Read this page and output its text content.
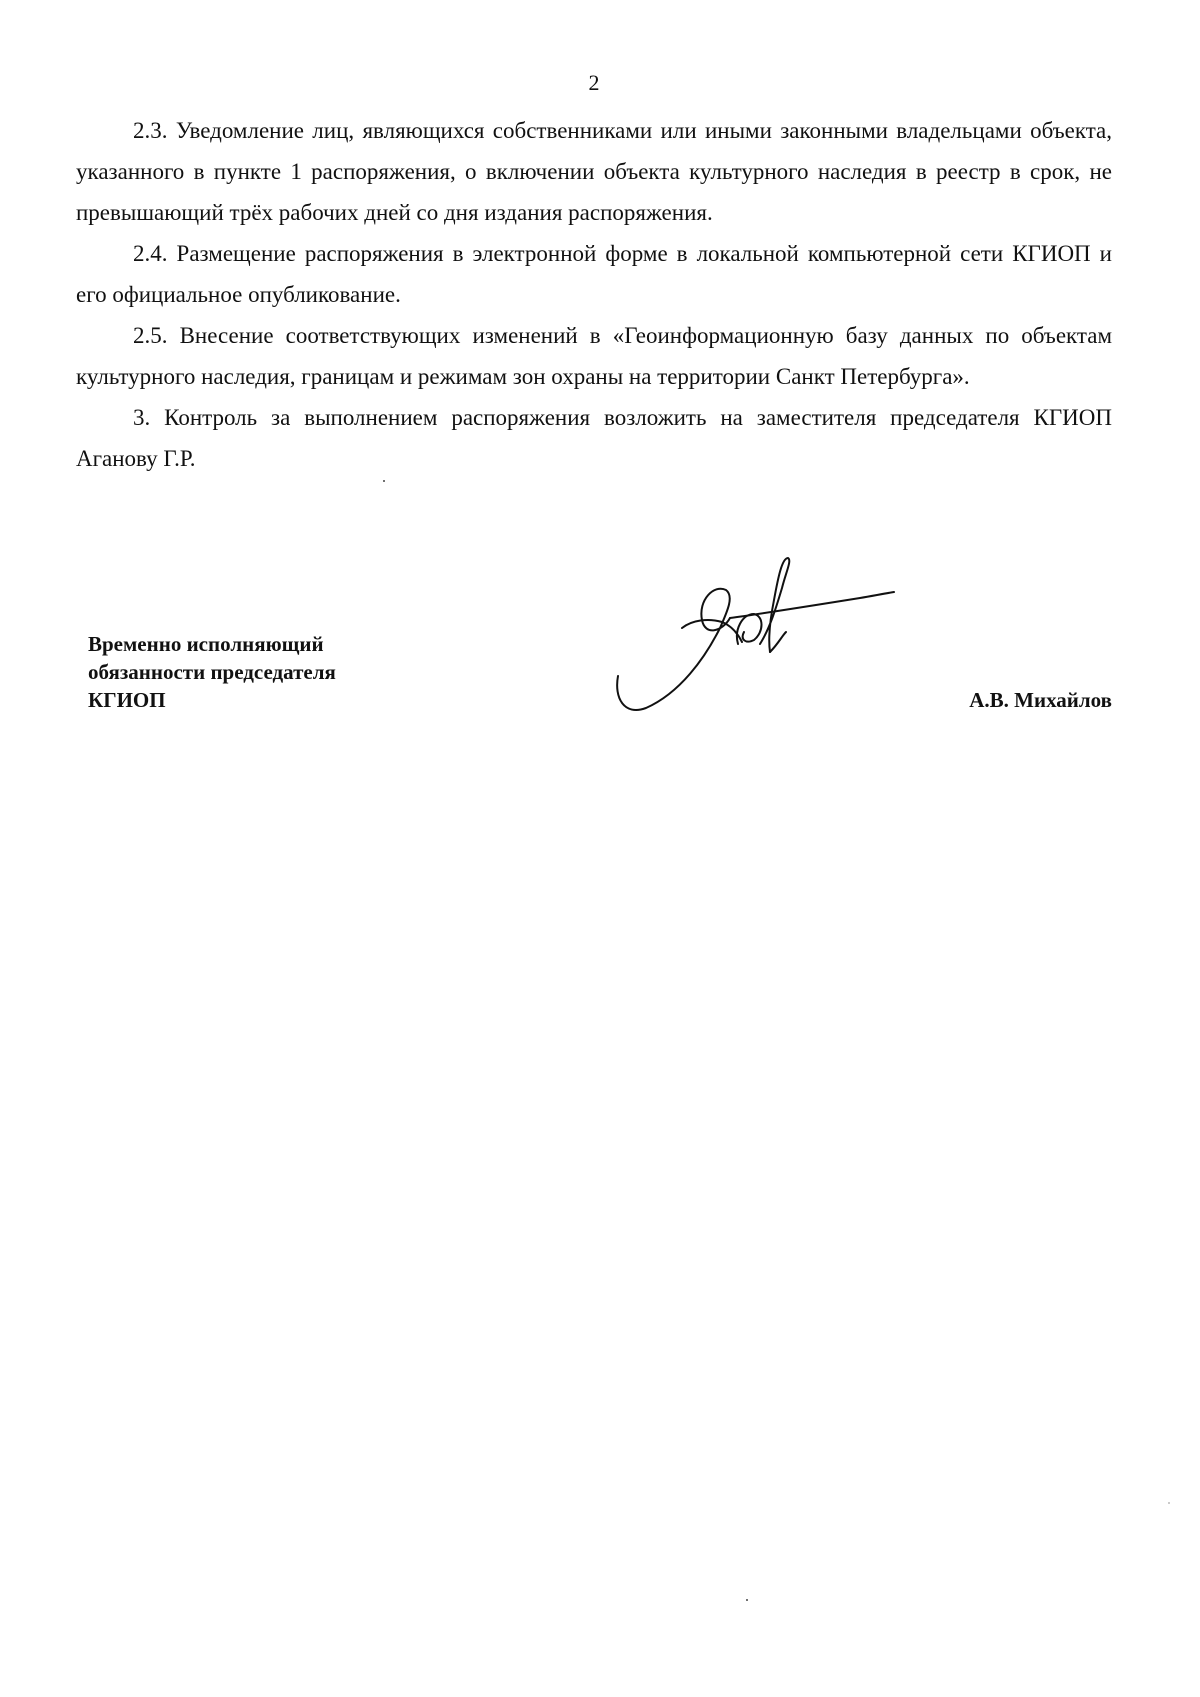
2

2.3. Уведомление лиц, являющихся собственниками или иными законными владельцами объекта, указанного в пункте 1 распоряжения, о включении объекта культурного наследия в реестр в срок, не превышающий трёх рабочих дней со дня издания распоряжения.

2.4. Размещение распоряжения в электронной форме в локальной компьютерной сети КГИОП и его официальное опубликование.

2.5. Внесение соответствующих изменений в «Геоинформационную базу данных по объектам культурного наследия, границам и режимам зон охраны на территории Санкт Петербурга».

3. Контроль за выполнением распоряжения возложить на заместителя председателя КГИОП Аганову Г.Р.

Временно исполняющий
обязанности председателя
КГИОП	А.В. Михайлов
